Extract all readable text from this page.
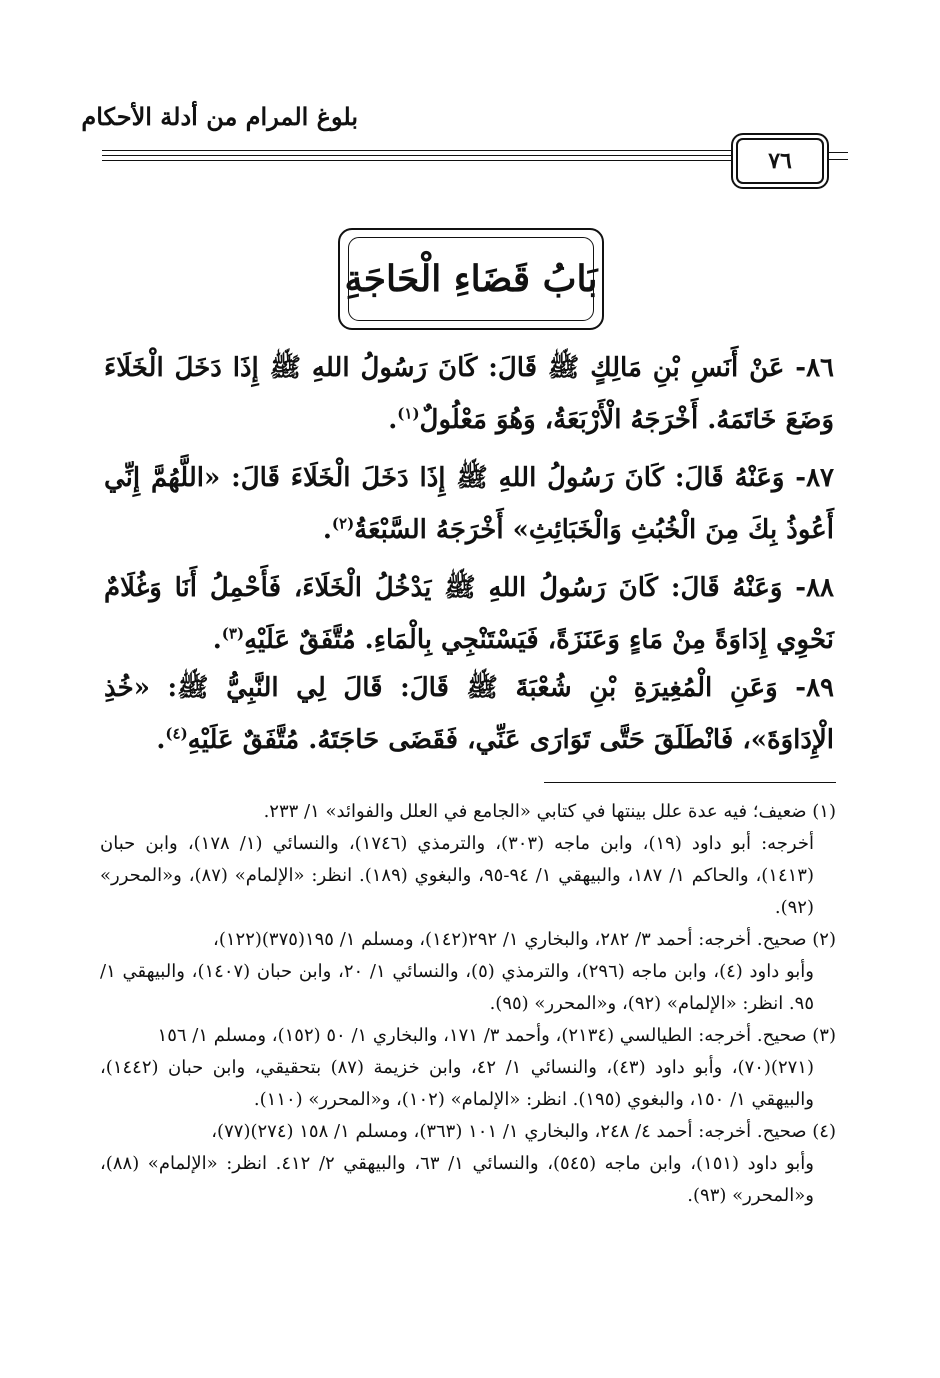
بلوغ المرام من أدلة الأحكام
٧٦
بَابُ قَضَاءِ الْحَاجَةِ

٨٦- عَنْ أَنَسِ بْنِ مَالِكٍ ﷺ قَالَ: كَانَ رَسُولُ اللهِ ﷺ إِذَا دَخَلَ الْخَلَاءَ وَضَعَ خَاتَمَهُ. أَخْرَجَهُ الْأَرْبَعَةُ، وَهُوَ مَعْلُولٌ$^{(١)}$.

٨٧- وَعَنْهُ قَالَ: كَانَ رَسُولُ اللهِ ﷺ إِذَا دَخَلَ الْخَلَاءَ قَالَ: «اللَّهُمَّ إِنِّي أَعُوذُ بِكَ مِنَ الْخُبُثِ وَالْخَبَائِثِ» أَخْرَجَهُ السَّبْعَةُ$^{(٢)}$.

٨٨- وَعَنْهُ قَالَ: كَانَ رَسُولُ اللهِ ﷺ يَدْخُلُ الْخَلَاءَ، فَأَحْمِلُ أَنَا وَغُلَامٌ نَحْوِي إِدَاوَةً مِنْ مَاءٍ وَعَنَزَةً، فَيَسْتَنْجِي بِالْمَاءِ. مُتَّفَقٌ عَلَيْهِ$^{(٣)}$.

٨٩- وَعَنِ الْمُغِيرَةِ بْنِ شُعْبَةَ ﷺ قَالَ: قَالَ لِي النَّبِيُّ ﷺ: «خُذِ الْإِدَاوَةَ»، فَانْطَلَقَ حَتَّى تَوَارَى عَنِّي، فَقَضَى حَاجَتَهُ. مُتَّفَقٌ عَلَيْهِ$^{(٤)}$.

(١) ضعيف؛ فيه عدة علل بينتها في كتابي «الجامع في العلل والفوائد» ١/ ٢٣٣.
أخرجه: أبو داود (١٩)، وابن ماجه (٣٠٣)، والترمذي (١٧٤٦)، والنسائي (١/ ١٧٨)، وابن حبان (١٤١٣)، والحاكم ١/ ١٨٧، والبيهقي ١/ ٩٤-٩٥، والبغوي (١٨٩). انظر: «الإلمام» (٨٧)، و«المحرر» (٩٢).
(٢) صحيح. أخرجه: أحمد ٣/ ٢٨٢، والبخاري ١/ ٢٩٢(١٤٢)، ومسلم ١/ ١٩٥(٣٧٥)(١٢٢)،
وأبو داود (٤)، وابن ماجه (٢٩٦)، والترمذي (٥)، والنسائي ١/ ٢٠، وابن حبان (١٤٠٧)، والبيهقي ١/ ٩٥. انظر: «الإلمام» (٩٢)، و«المحرر» (٩٥).
(٣) صحيح. أخرجه: الطيالسي (٢١٣٤)، وأحمد ٣/ ١٧١، والبخاري ١/ ٥٠ (١٥٢)، ومسلم ١/ ١٥٦
(٢٧١)(٧٠)، وأبو داود (٤٣)، والنسائي ١/ ٤٢، وابن خزيمة (٨٧) بتحقيقي، وابن حبان (١٤٤٢)، والبيهقي ١/ ١٥٠، والبغوي (١٩٥). انظر: «الإلمام» (١٠٢)، و«المحرر» (١١٠).
(٤) صحيح. أخرجه: أحمد ٤/ ٢٤٨، والبخاري ١/ ١٠١ (٣٦٣)، ومسلم ١/ ١٥٨ (٢٧٤)(٧٧)،
وأبو داود (١٥١)، وابن ماجه (٥٤٥)، والنسائي ١/ ٦٣، والبيهقي ٢/ ٤١٢. انظر: «الإلمام» (٨٨)، و«المحرر» (٩٣).
